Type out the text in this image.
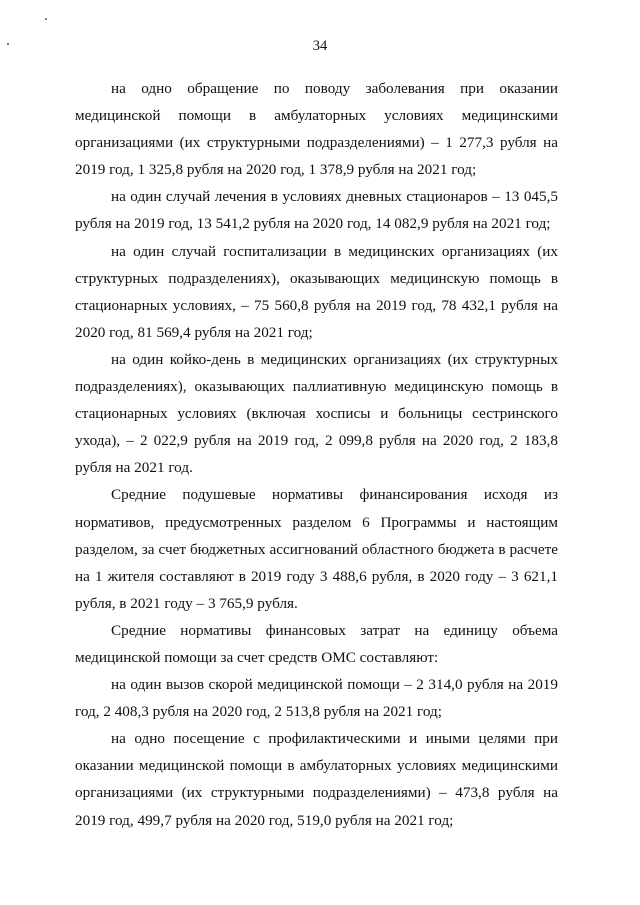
34

на одно обращение по поводу заболевания при оказании медицинской помощи в амбулаторных условиях медицинскими организациями (их структурными подразделениями) – 1 277,3 рубля на 2019 год, 1 325,8 рубля на 2020 год, 1 378,9 рубля на 2021 год;

на один случай лечения в условиях дневных стационаров – 13 045,5 рубля на 2019 год, 13 541,2 рубля на 2020 год, 14 082,9 рубля на 2021 год;

на один случай госпитализации в медицинских организациях (их структурных подразделениях), оказывающих медицинскую помощь в стационарных условиях, – 75 560,8 рубля на 2019 год, 78 432,1 рубля на 2020 год, 81 569,4 рубля на 2021 год;

на один койко-день в медицинских организациях (их структурных подразделениях), оказывающих паллиативную медицинскую помощь в стационарных условиях (включая хосписы и больницы сестринского ухода), – 2 022,9 рубля на 2019 год, 2 099,8 рубля на 2020 год, 2 183,8 рубля на 2021 год.

Средние подушевые нормативы финансирования исходя из нормативов, предусмотренных разделом 6 Программы и настоящим разделом, за счет бюджетных ассигнований областного бюджета в расчете на 1 жителя составляют в 2019 году 3 488,6 рубля, в 2020 году – 3 621,1 рубля, в 2021 году – 3 765,9 рубля.

Средние нормативы финансовых затрат на единицу объема медицинской помощи за счет средств ОМС составляют:

на один вызов скорой медицинской помощи – 2 314,0 рубля на 2019 год, 2 408,3 рубля на 2020 год, 2 513,8 рубля на 2021 год;

на одно посещение с профилактическими и иными целями при оказании медицинской помощи в амбулаторных условиях медицинскими организациями (их структурными подразделениями) – 473,8 рубля на 2019 год, 499,7 рубля на 2020 год, 519,0 рубля на 2021 год;
